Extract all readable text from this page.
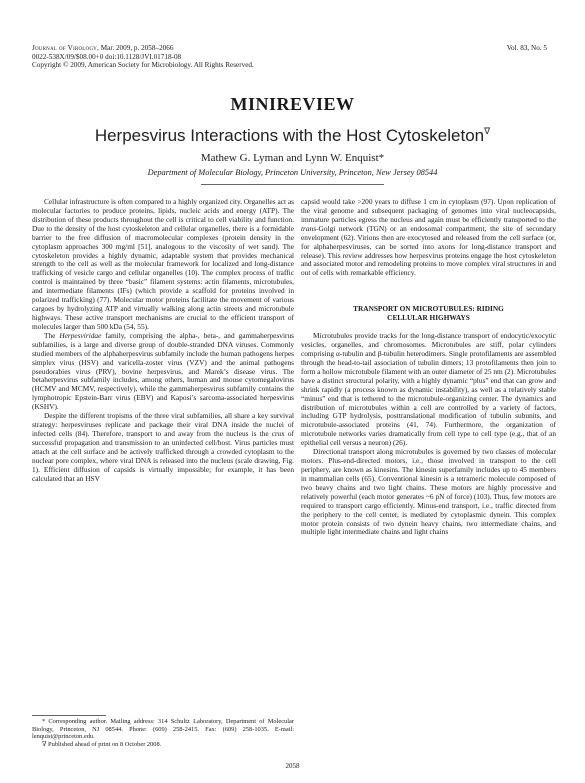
Journal of Virology, Mar. 2009, p. 2058–2066
0022-538X/09/$08.00+0 doi:10.1128/JVI.01718-08
Copyright © 2009, American Society for Microbiology. All Rights Reserved.
Vol. 83, No. 5
MINIREVIEW
Herpesvirus Interactions with the Host Cytoskeleton∇
Mathew G. Lyman and Lynn W. Enquist*
Department of Molecular Biology, Princeton University, Princeton, New Jersey 08544

Cellular infrastructure is often compared to a highly organized city. Organelles act as molecular factories to produce proteins, lipids, nucleic acids and energy (ATP). The distribution of these products throughout the cell is critical to cell viability and function. Due to the density of the host cytoskeleton and cellular organelles, there is a formidable barrier to the free diffusion of macromolecular complexes (protein density in the cytoplasm approaches 300 mg/ml [51], analogous to the viscosity of wet sand). The cytoskeleton provides a highly dynamic, adaptable system that provides mechanical strength to the cell as well as the molecular framework for localized and long-distance trafficking of vesicle cargo and cellular organelles (10). The complex process of traffic control is maintained by three “basic” filament systems: actin filaments, microtubules, and intermediate filaments (IFs) (which provide a scaffold for proteins involved in polarized trafficking) (77). Molecular motor proteins facilitate the movement of various cargoes by hydrolyzing ATP and virtually walking along actin streets and microtubule highways. These active transport mechanisms are crucial to the efficient transport of molecules larger than 500 kDa (54, 55).

The Herpesviridae family, comprising the alpha-, beta-, and gammaherpesvirus subfamilies, is a large and diverse group of double-stranded DNA viruses. Commonly studied members of the alphaherpesvirus subfamily include the human pathogens herpes simplex virus (HSV) and varicella-zoster virus (VZV) and the animal pathogens pseudorabies virus (PRV), bovine herpesvirus, and Marek’s disease virus. The betaherpesvirus subfamily includes, among others, human and mouse cytomegalovirus (HCMV and MCMV, respectively), while the gammaherpesvirus subfamily contains the lymphotropic Epstein-Barr virus (EBV) and Kaposi’s sarcoma-associated herpesvirus (KSHV).

Despite the different tropisms of the three viral subfamilies, all share a key survival strategy: herpesviruses replicate and package their viral DNA inside the nuclei of infected cells (84). Therefore, transport to and away from the nucleus is the crux of successful propagation and transmission to an uninfected cell/host. Virus particles must attach at the cell surface and be actively trafficked through a crowded cytoplasm to the nuclear pore complex, where viral DNA is released into the nucleus (scale drawing, Fig. 1). Efficient diffusion of capsids is virtually impossible; for example, it has been calculated that an HSV

capsid would take >200 years to diffuse 1 cm in cytoplasm (97). Upon replication of the viral genome and subsequent packaging of genomes into viral nucleocapsids, immature particles egress the nucleus and again must be efficiently transported to the trans-Golgi network (TGN) or an endosomal compartment, the site of secondary envelopment (62). Virions then are exocytosed and released from the cell surface (or, for alphaherpesviruses, can be sorted into axons for long-distance transport and release). This review addresses how herpesvirus proteins engage the host cytoskeleton and associated motor and remodeling proteins to move complex viral structures in and out of cells with remarkable efficiency.

TRANSPORT ON MICROTUBULES: RIDING CELLULAR HIGHWAYS

Microtubules provide tracks for the long-distance transport of endocytic/exocytic vesicles, organelles, and chromosomes. Microtubules are stiff, polar cylinders comprising α-tubulin and β-tubulin heterodimers. Single protofilaments are assembled through the head-to-tail association of tubulin dimers; 13 protofilaments then join to form a hollow microtubule filament with an outer diameter of 25 nm (2). Microtubules have a distinct structural polarity, with a highly dynamic “plus” end that can grow and shrink rapidly (a process known as dynamic instability), as well as a relatively stable “minus” end that is tethered to the microtubule-organizing center. The dynamics and distribution of microtubules within a cell are controlled by a variety of factors, including GTP hydrolysis, posttranslational modification of tubulin subunits, and microtubule-associated proteins (41, 74). Furthermore, the organization of microtubule networks varies dramatically from cell type to cell type (e.g., that of an epithelial cell versus a neuron) (26).

Directional transport along microtubules is governed by two classes of molecular motors. Plus-end-directed motors, i.e., those involved in transport to the cell periphery, are known as kinesins. The kinesin superfamily includes up to 45 members in mammalian cells (65). Conventional kinesin is a tetrameric molecule composed of two heavy chains and two light chains. These motors are highly processive and relatively powerful (each motor generates ~6 pN of force) (103). Thus, few motors are required to transport cargo efficiently. Minus-end transport, i.e., traffic directed from the periphery to the cell center, is mediated by cytoplasmic dynein. This complex motor protein consists of two dynein heavy chains, two intermediate chains, and multiple light intermediate chains and light chains

* Corresponding author. Mailing address: 314 Schultz Laboratory, Department of Molecular Biology, Princeton, NJ 08544. Phone: (609) 258-2415. Fax: (609) 258-1035. E-mail: lenquist@princeton.edu.

∇ Published ahead of print on 8 October 2008.

2058
